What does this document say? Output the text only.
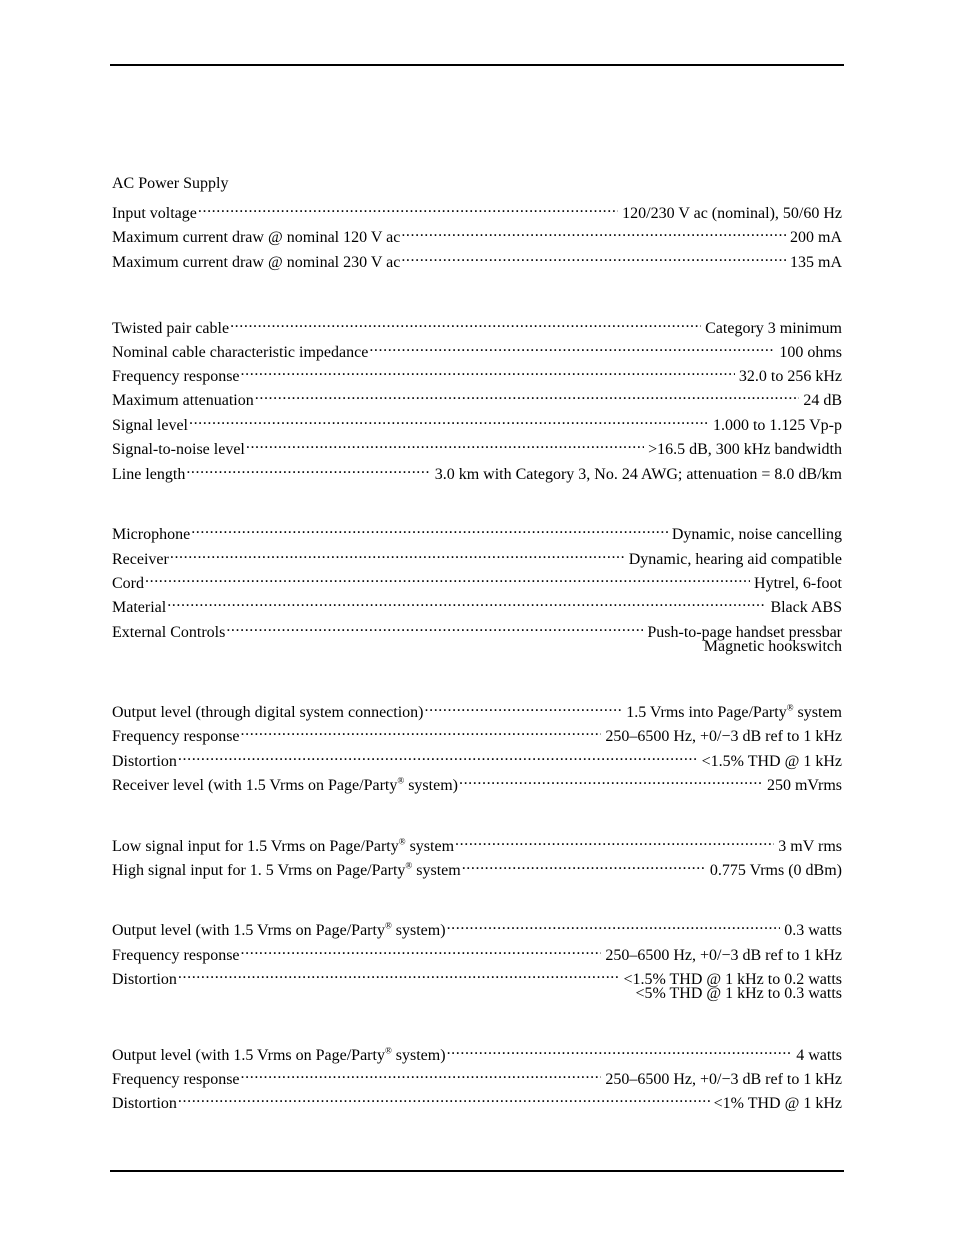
AC Power Supply
Input voltage .....	120/230 V ac (nominal), 50/60 Hz
Maximum current draw @ nominal 120 V ac .....	200 mA
Maximum current draw @ nominal 230 V ac .....	135 mA
Twisted pair cable .....	Category 3 minimum
Nominal cable characteristic impedance .....	100 ohms
Frequency response .....	32.0 to 256 kHz
Maximum attenuation .....	24 dB
Signal level .....	1.000 to 1.125 Vp-p
Signal-to-noise level .....	>16.5 dB, 300 kHz bandwidth
Line length .....	3.0 km with Category 3, No. 24 AWG; attenuation = 8.0 dB/km
Microphone .....	Dynamic, noise cancelling
Receiver .....	Dynamic, hearing aid compatible
Cord .....	Hytrel, 6-foot
Material .....	Black ABS
External Controls .....	Push-to-page handset pressbar
Magnetic hookswitch
Output level (through digital system connection) .....	1.5 Vrms into Page/Party® system
Frequency response .....	250–6500 Hz, +0/−3 dB ref to 1 kHz
Distortion .....	<1.5% THD @ 1 kHz
Receiver level (with 1.5 Vrms on Page/Party® system) .....	250 mVrms
Low signal input for 1.5 Vrms on Page/Party® system .....	3 mV rms
High signal input for 1. 5 Vrms on Page/Party® system .....	0.775 Vrms (0 dBm)
Output level (with 1.5 Vrms on Page/Party® system) .....	0.3 watts
Frequency response .....	250–6500 Hz, +0/−3 dB ref to 1 kHz
Distortion .....	<1.5% THD @ 1 kHz to 0.2 watts
<5% THD @ 1 kHz to 0.3 watts
Output level (with 1.5 Vrms on Page/Party® system) .....	4 watts
Frequency response .....	250–6500 Hz, +0/−3 dB ref to 1 kHz
Distortion .....	<1% THD @ 1 kHz
